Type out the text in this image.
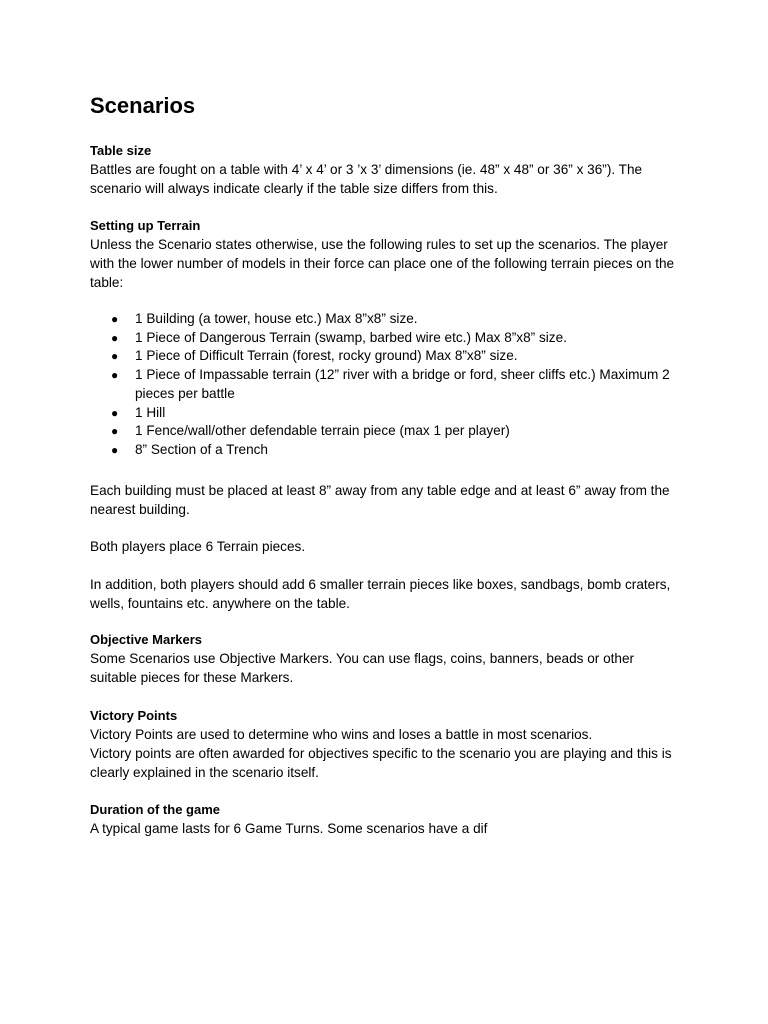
Scenarios
Table size

Battles are fought on a table with 4’ x 4’ or 3 ’x 3’ dimensions (ie. 48” x 48” or 36” x 36”). The scenario will always indicate clearly if the table size differs from this.

Setting up Terrain

Unless the Scenario states otherwise, use the following rules to set up the scenarios. The player with the lower number of models in their force can place one of the following terrain pieces on the table:

● 1 Building (a tower, house etc.) Max 8”x8” size.
● 1 Piece of Dangerous Terrain (swamp, barbed wire etc.) Max 8”x8” size.
● 1 Piece of Difficult Terrain (forest, rocky ground) Max 8”x8” size.
● 1 Piece of Impassable terrain (12” river with a bridge or ford, sheer cliffs etc.) Maximum 2 pieces per battle
● 1 Hill
● 1 Fence/wall/other defendable terrain piece (max 1 per player)
● 8” Section of a Trench

Each building must be placed at least 8” away from any table edge and at least 6” away from the nearest building.

Both players place 6 Terrain pieces.

In addition, both players should add 6 smaller terrain pieces like boxes, sandbags, bomb craters, wells, fountains etc. anywhere on the table.

Objective Markers

Some Scenarios use Objective Markers. You can use flags, coins, banners, beads or other suitable pieces for these Markers.

Victory Points

Victory Points are used to determine who wins and loses a battle in most scenarios.

Victory points are often awarded for objectives specific to the scenario you are playing and this is clearly explained in the scenario itself.

Duration of the game

A typical game lasts for 6 Game Turns. Some scenarios have a dif
